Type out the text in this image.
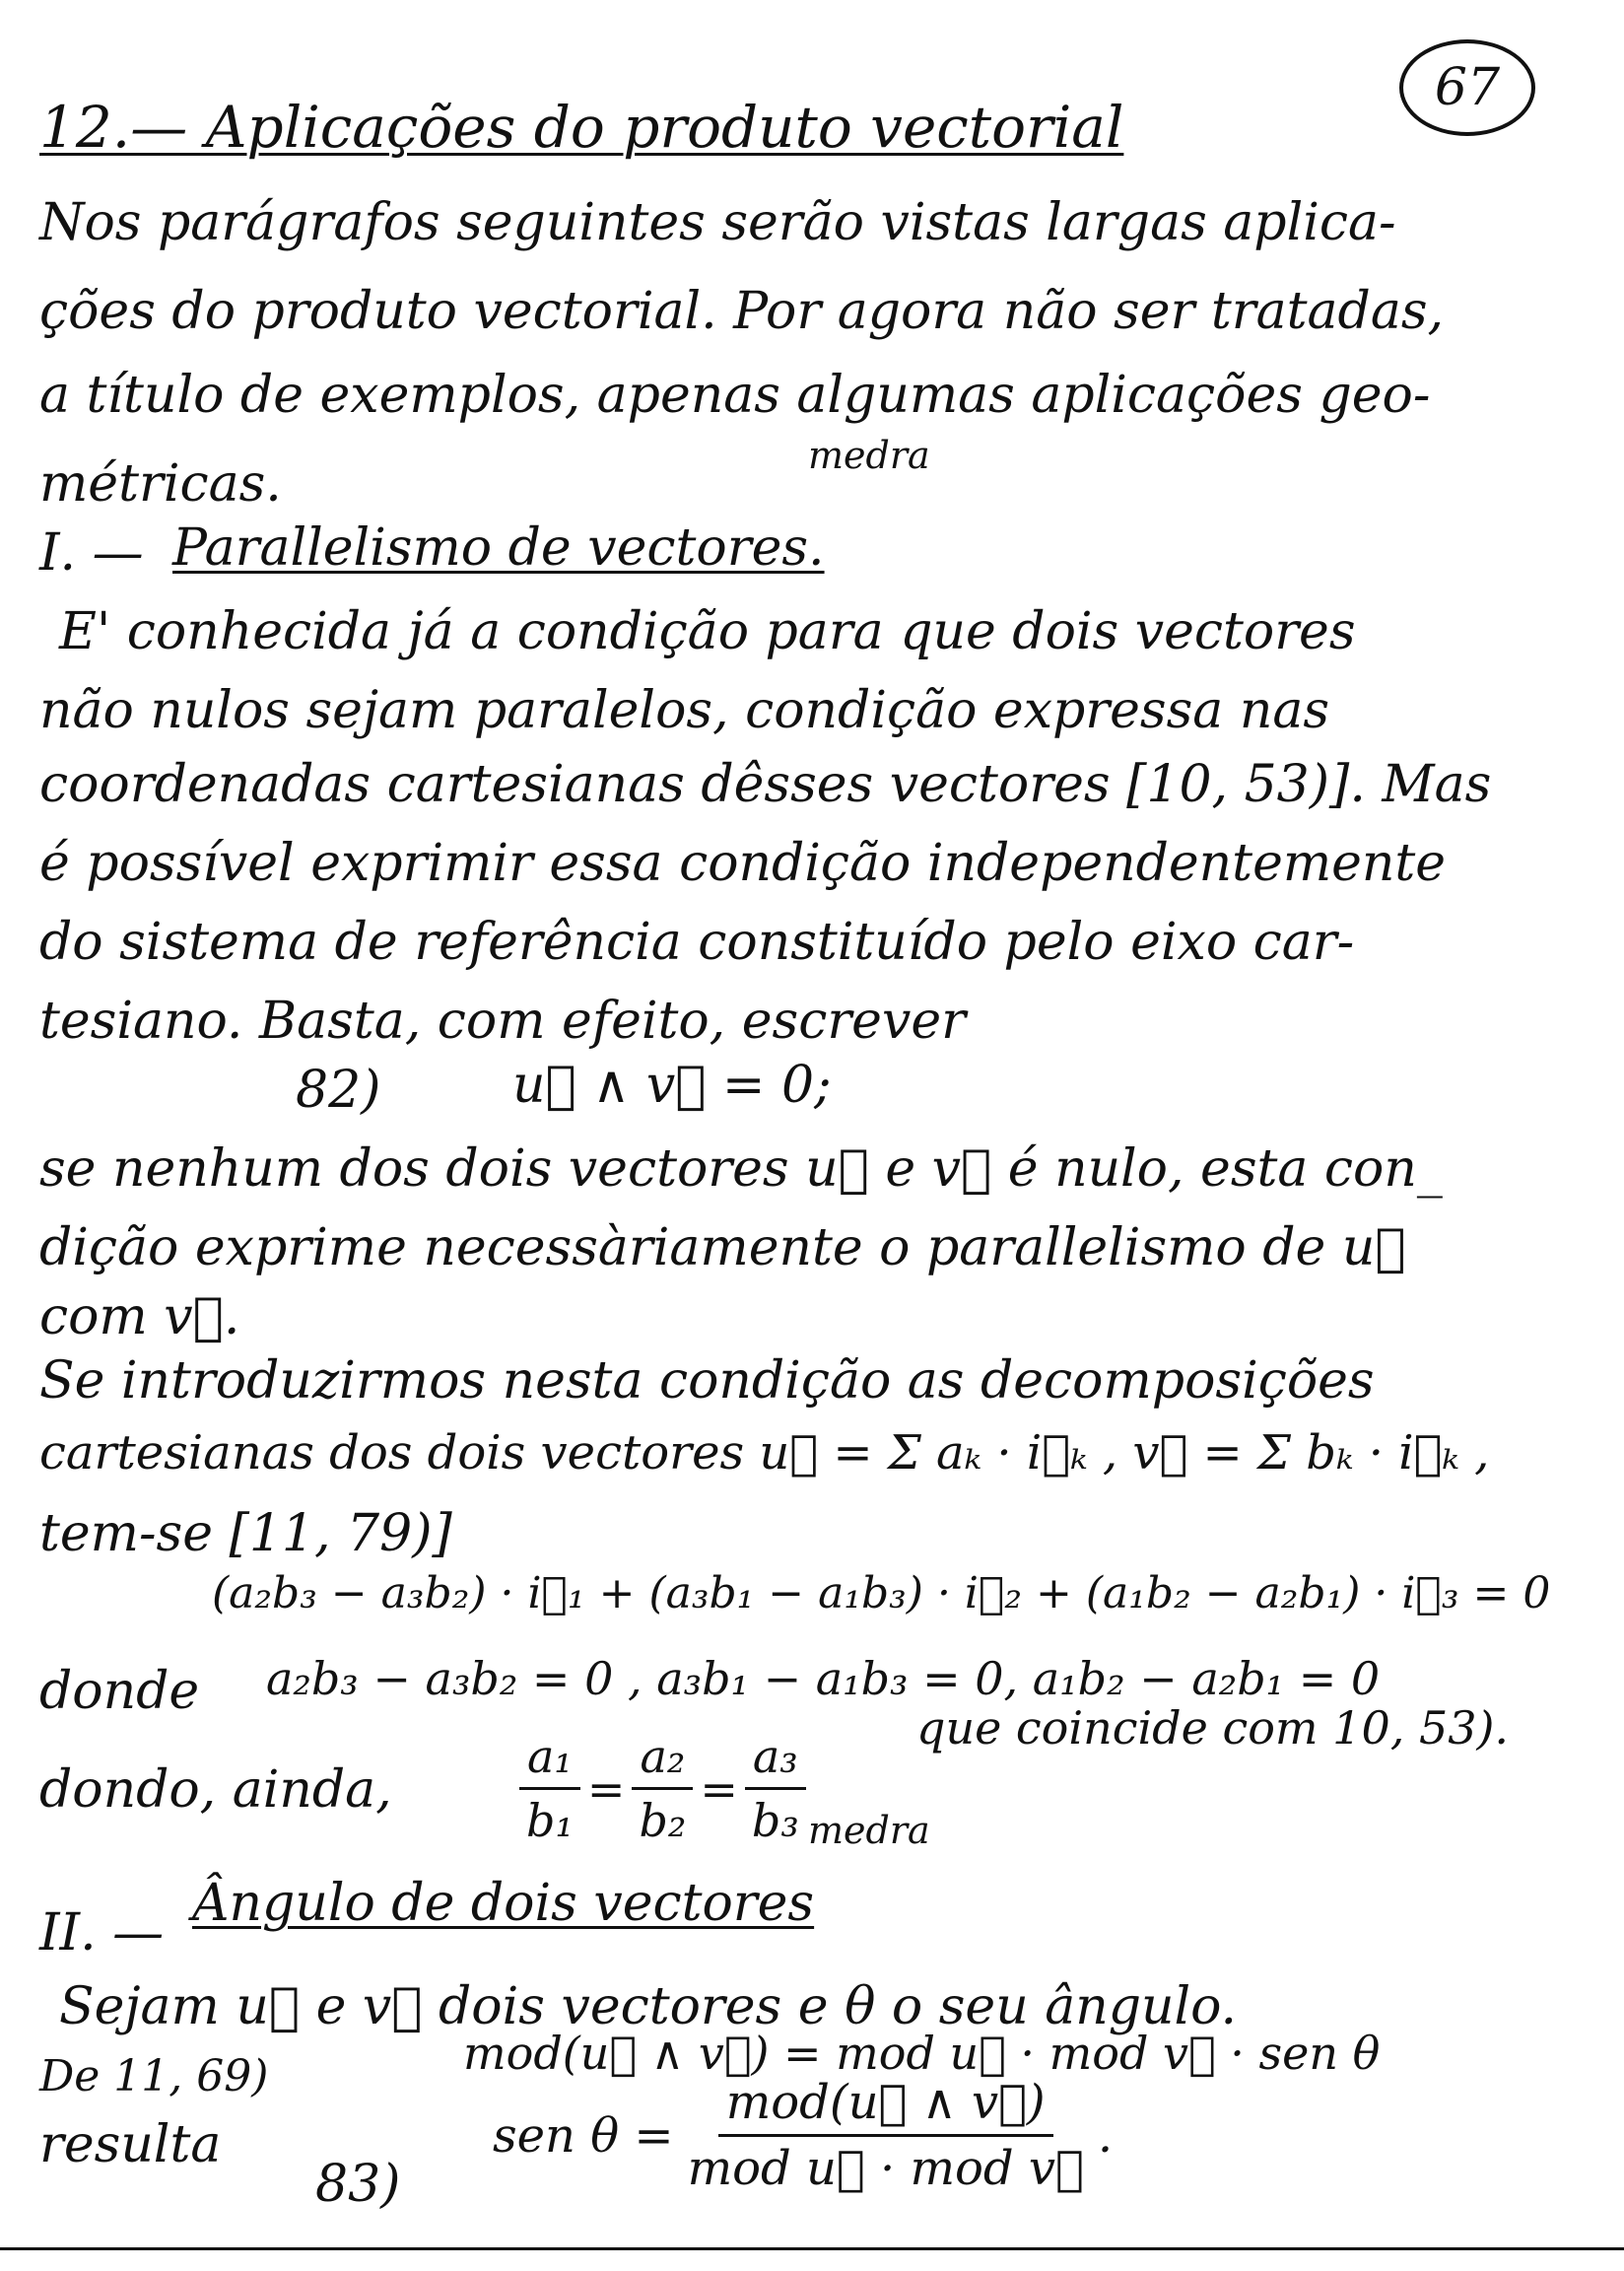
67
12.— Aplicações do produto vectorial
Nos parágrafos seguintes serão vistas largas aplica-
ções do produto vectorial. Por agora não ser tratadas,
a título de exemplos, apenas algumas aplicações geo-
métricas.	medra
I. — Parallelismo de vectores.
E' conhecida já a condição para que dois vectores
não nulos sejam paralelos, condição expressa nas
coordenadas cartesianas dêsses vectores [10, 53)]. Mas
é possível exprimir essa condição independentemente
do sistema de referência constituído pelo eixo car-
tesiano. Basta, com efeito, escrever
82)	u⃗ ∧ v⃗ = 0;
se nenhum dos dois vectores u⃗ e v⃗ é nulo, esta con_
dição exprime necessàriamente o parallelismo de u⃗
com v⃗.
Se introduzirmos nesta condição as decomposições
cartesianas dos dois vectores u⃗ = Σ aₖ · i⃗ₖ , v⃗ = Σ bₖ · i⃗ₖ ,
tem-se [11, 79)]
(a₂b₃ − a₃b₂) · i⃗₁ + (a₃b₁ − a₁b₃) · i⃗₂ + (a₁b₂ − a₂b₁) · i⃗₃ = 0
donde a₂b₃ − a₃b₂ = 0 , a₃b₁ − a₁b₃ = 0, a₁b₂ − a₂b₁ = 0
que coincide com 10, 53).
dondo, ainda,	$\frac{\text{a₁}}{\text{b₁}} = \frac{\text{a₂}}{\text{b₂}} = \frac{\text{a₃}}{\text{b₃}}$ medra
II. — Ângulo de dois vectores
Sejam u⃗ e v⃗ dois vectores e θ o seu ângulo.
De 11, 69)	mod(u⃗ ∧ v⃗) = mod u⃗ · mod v⃗ · sen θ
resulta
83)
sen $\theta = \frac{\text{mod(u⃗ ∧ v⃗)}}{\text{mod u⃗ · mod v⃗}}$ .
